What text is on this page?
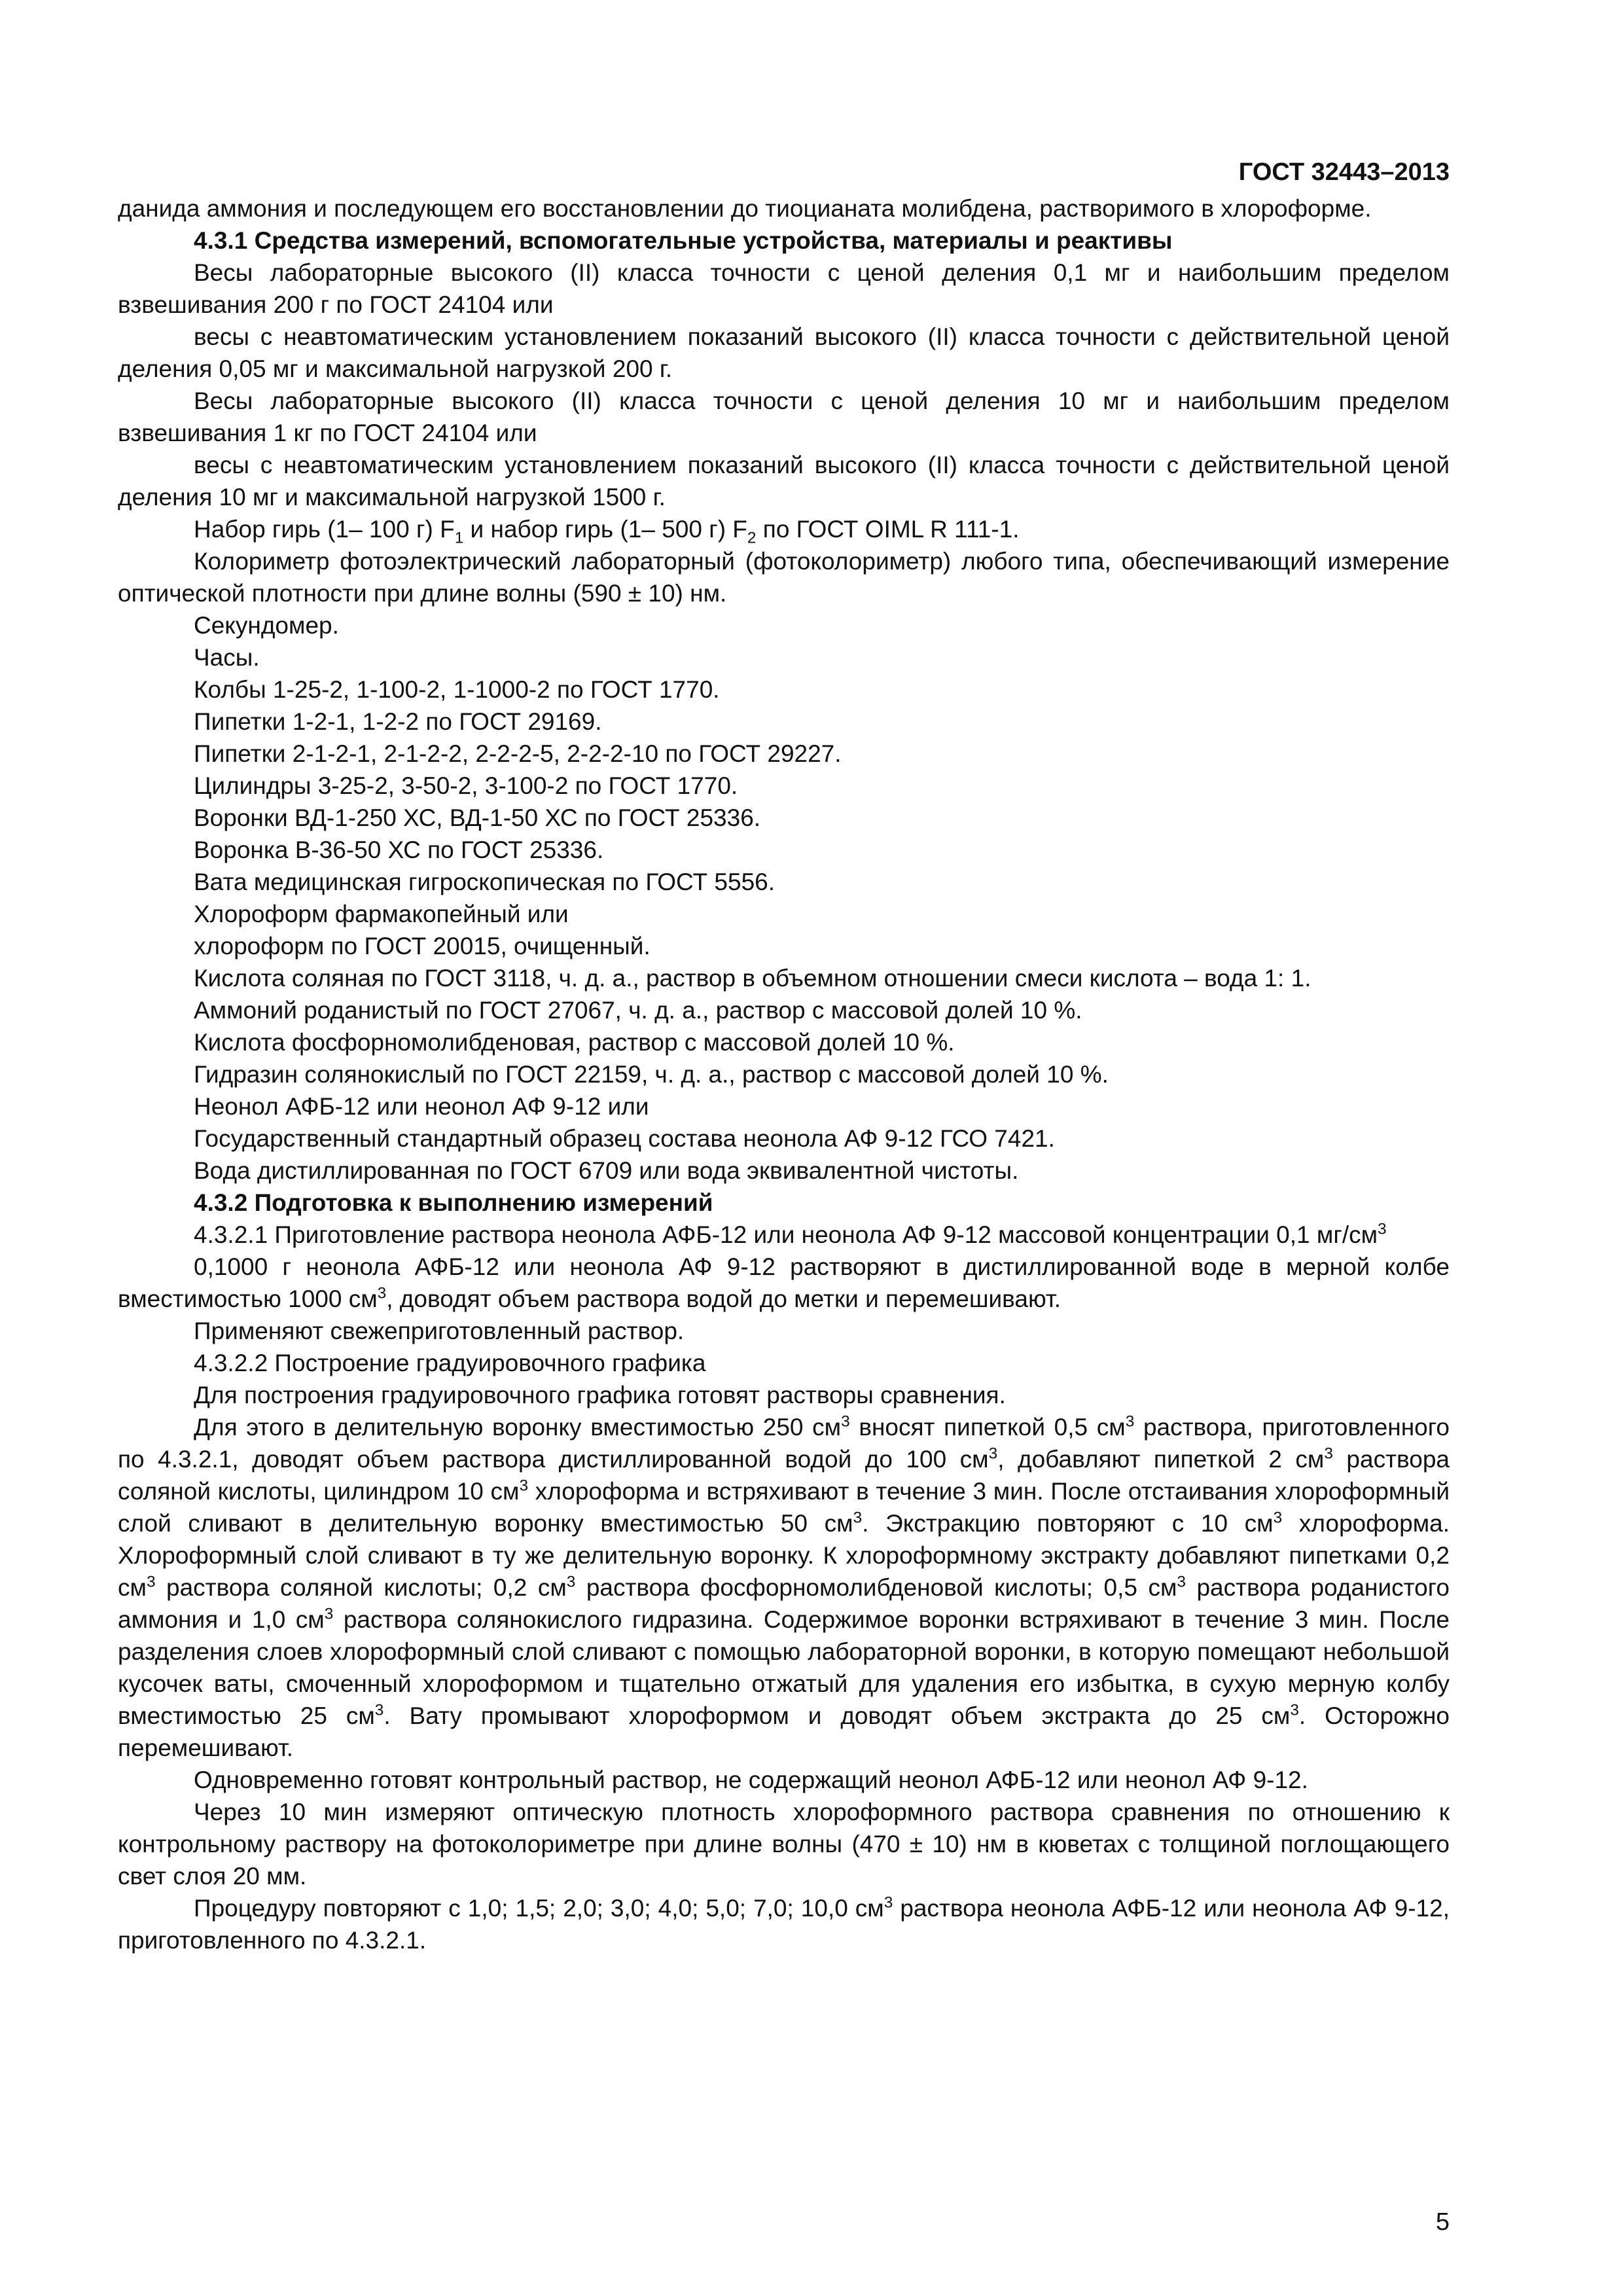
ГОСТ 32443–2013

данида аммония и последующем его восстановлении до тиоцианата молибдена, растворимого в хлороформе.

4.3.1 Средства измерений, вспомогательные устройства, материалы и реактивы

Весы лабораторные высокого (II) класса точности с ценой деления 0,1 мг и наибольшим пределом взвешивания 200 г по ГОСТ 24104 или

весы с неавтоматическим установлением показаний высокого (II) класса точности с действительной ценой деления 0,05 мг и максимальной нагрузкой 200 г.

Весы лабораторные высокого (II) класса точности с ценой деления 10 мг и наибольшим пределом взвешивания 1 кг по ГОСТ 24104 или

весы с неавтоматическим установлением показаний высокого (II) класса точности с действительной ценой деления 10 мг и максимальной нагрузкой 1500 г.

Набор гирь (1– 100 г) $F_1$ и набор гирь (1– 500 г) $F_2$ по ГОСТ OIML R 111-1.

Колориметр фотоэлектрический лабораторный (фотоколориметр) любого типа, обеспечивающий измерение оптической плотности при длине волны (590 ± 10) нм.

Секундомер.

Часы.

Колбы 1-25-2, 1-100-2, 1-1000-2 по ГОСТ 1770.

Пипетки 1-2-1, 1-2-2 по ГОСТ 29169.

Пипетки 2-1-2-1, 2-1-2-2, 2-2-2-5, 2-2-2-10 по ГОСТ 29227.

Цилиндры 3-25-2, 3-50-2, 3-100-2 по ГОСТ 1770.

Воронки ВД-1-250 ХС, ВД-1-50 ХС по ГОСТ 25336.

Воронка В-36-50 ХС по ГОСТ 25336.

Вата медицинская гигроскопическая по ГОСТ 5556.

Хлороформ фармакопейный или

хлороформ по ГОСТ 20015, очищенный.

Кислота соляная по ГОСТ 3118, ч. д. а., раствор в объемном отношении смеси кислота – вода 1: 1.

Аммоний роданистый по ГОСТ 27067, ч. д. а., раствор с массовой долей 10 %.

Кислота фосфорномолибденовая, раствор с массовой долей 10 %.

Гидразин солянокислый по ГОСТ 22159, ч. д. а., раствор с массовой долей 10 %.

Неонол АФБ-12 или неонол АФ 9-12 или

Государственный стандартный образец состава неонола АФ 9-12 ГСО 7421.

Вода дистиллированная по ГОСТ 6709 или вода эквивалентной чистоты.

4.3.2 Подготовка к выполнению измерений

4.3.2.1 Приготовление раствора неонола АФБ-12 или неонола АФ 9-12 массовой концентрации 0,1 $мг/см^3$

0,1000 г неонола АФБ-12 или неонола АФ 9-12 растворяют в дистиллированной воде в мерной колбе вместимостью 1000 $см^3$, доводят объем раствора водой до метки и перемешивают.

Применяют свежеприготовленный раствор.

4.3.2.2 Построение градуировочного графика

Для построения градуировочного графика готовят растворы сравнения.

Для этого в делительную воронку вместимостью 250 $см^3$ вносят пипеткой 0,5 $см^3$ раствора, приготовленного по 4.3.2.1, доводят объем раствора дистиллированной водой до 100 $см^3$, добавляют пипеткой 2 $см^3$ раствора соляной кислоты, цилиндром 10 $см^3$ хлороформа и встряхивают в течение 3 мин. После отстаивания хлороформный слой сливают в делительную воронку вместимостью 50 $см^3$. Экстракцию повторяют с 10 $см^3$ хлороформа. Хлороформный слой сливают в ту же делительную воронку. К хлороформному экстракту добавляют пипетками 0,2 $см^3$ раствора соляной кислоты; 0,2 $см^3$ раствора фосфорномолибденовой кислоты; 0,5 $см^3$ раствора роданистого аммония и 1,0 $см^3$ раствора солянокислого гидразина. Содержимое воронки встряхивают в течение 3 мин. После разделения слоев хлороформный слой сливают с помощью лабораторной воронки, в которую помещают небольшой кусочек ваты, смоченный хлороформом и тщательно отжатый для удаления его избытка, в сухую мерную колбу вместимостью 25 $см^3$. Вату промывают хлороформом и доводят объем экстракта до 25 $см^3$. Осторожно перемешивают.

Одновременно готовят контрольный раствор, не содержащий неонол АФБ-12 или неонол АФ 9-12.

Через 10 мин измеряют оптическую плотность хлороформного раствора сравнения по отношению к контрольному раствору на фотоколориметре при длине волны (470 ± 10) нм в кюветах с толщиной поглощающего свет слоя 20 мм.

Процедуру повторяют с 1,0; 1,5; 2,0; 3,0; 4,0; 5,0; 7,0; 10,0 $см^3$ раствора неонола АФБ-12 или неонола АФ 9-12, приготовленного по 4.3.2.1.

5
